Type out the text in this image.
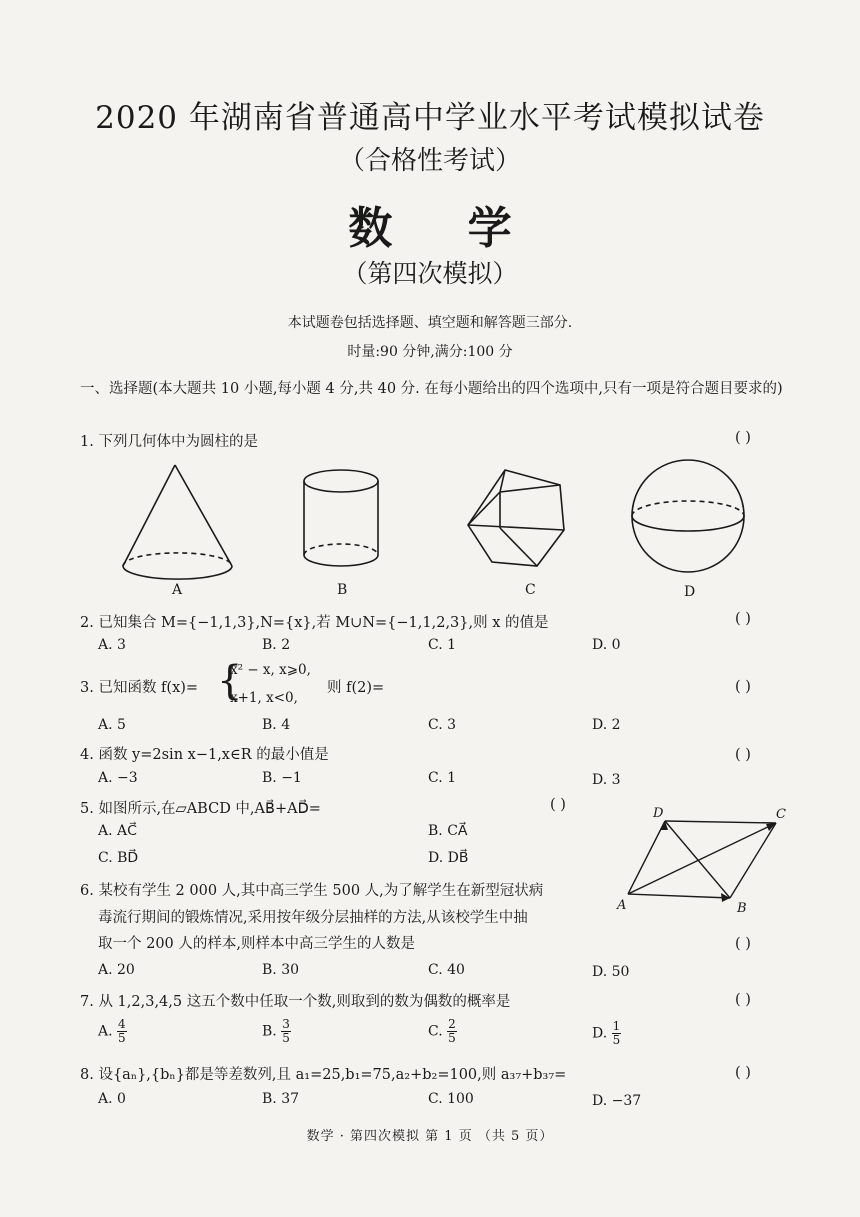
2020 年湖南省普通高中学业水平考试模拟试卷
（合格性考试）
数 学
（第四次模拟）
本试题卷包括选择题、填空题和解答题三部分.
时量:90 分钟,满分:100 分
一、选择题(本大题共 10 小题,每小题 4 分,共 40 分. 在每小题给出的四个选项中,只有一项是符合题目要求的)
1. 下列几何体中为圆柱的是	( )
A	B	C	D
2. 已知集合 M={−1,1,3},N={x},若 M∪N={−1,1,2,3},则 x 的值是	( )
A. 3	B. 2	C. 1	D. 0
3. 已知函数 f(x)= {
x² − x, x⩾0,
x+1, x<0,
则 f(2)=	( )
A. 5	B. 4	C. 3	D. 2
4. 函数 y=2sin x−1,x∈R 的最小值是	( )
A. −3	B. −1	C. 1	D. 3
5. 如图所示,在▱ABCD 中,AB⃗+AD⃗=	( )
A. AC⃗	B. CA⃗
C. BD⃗	D. DB⃗
A	B
C
D
6. 某校有学生 2 000 人,其中高三学生 500 人,为了解学生在新型冠状病
毒流行期间的锻炼情况,采用按年级分层抽样的方法,从该校学生中抽
取一个 200 人的样本,则样本中高三学生的人数是	( )
A. 20	B. 30	C. 40	D. 50
7. 从 1,2,3,4,5 这五个数中任取一个数,则取到的数为偶数的概率是	( )
A. $\frac{4}{5}$	B. $\frac{3}{5}$	C. $\frac{2}{5}$	D. $\frac{1}{5}$
8. 设{aₙ},{bₙ}都是等差数列,且 a₁=25,b₁=75,a₂+b₂=100,则 a₃₇+b₃₇=	( )
A. 0	B. 37	C. 100	D. −37
数学 · 第四次模拟 第 1 页 （共 5 页）
